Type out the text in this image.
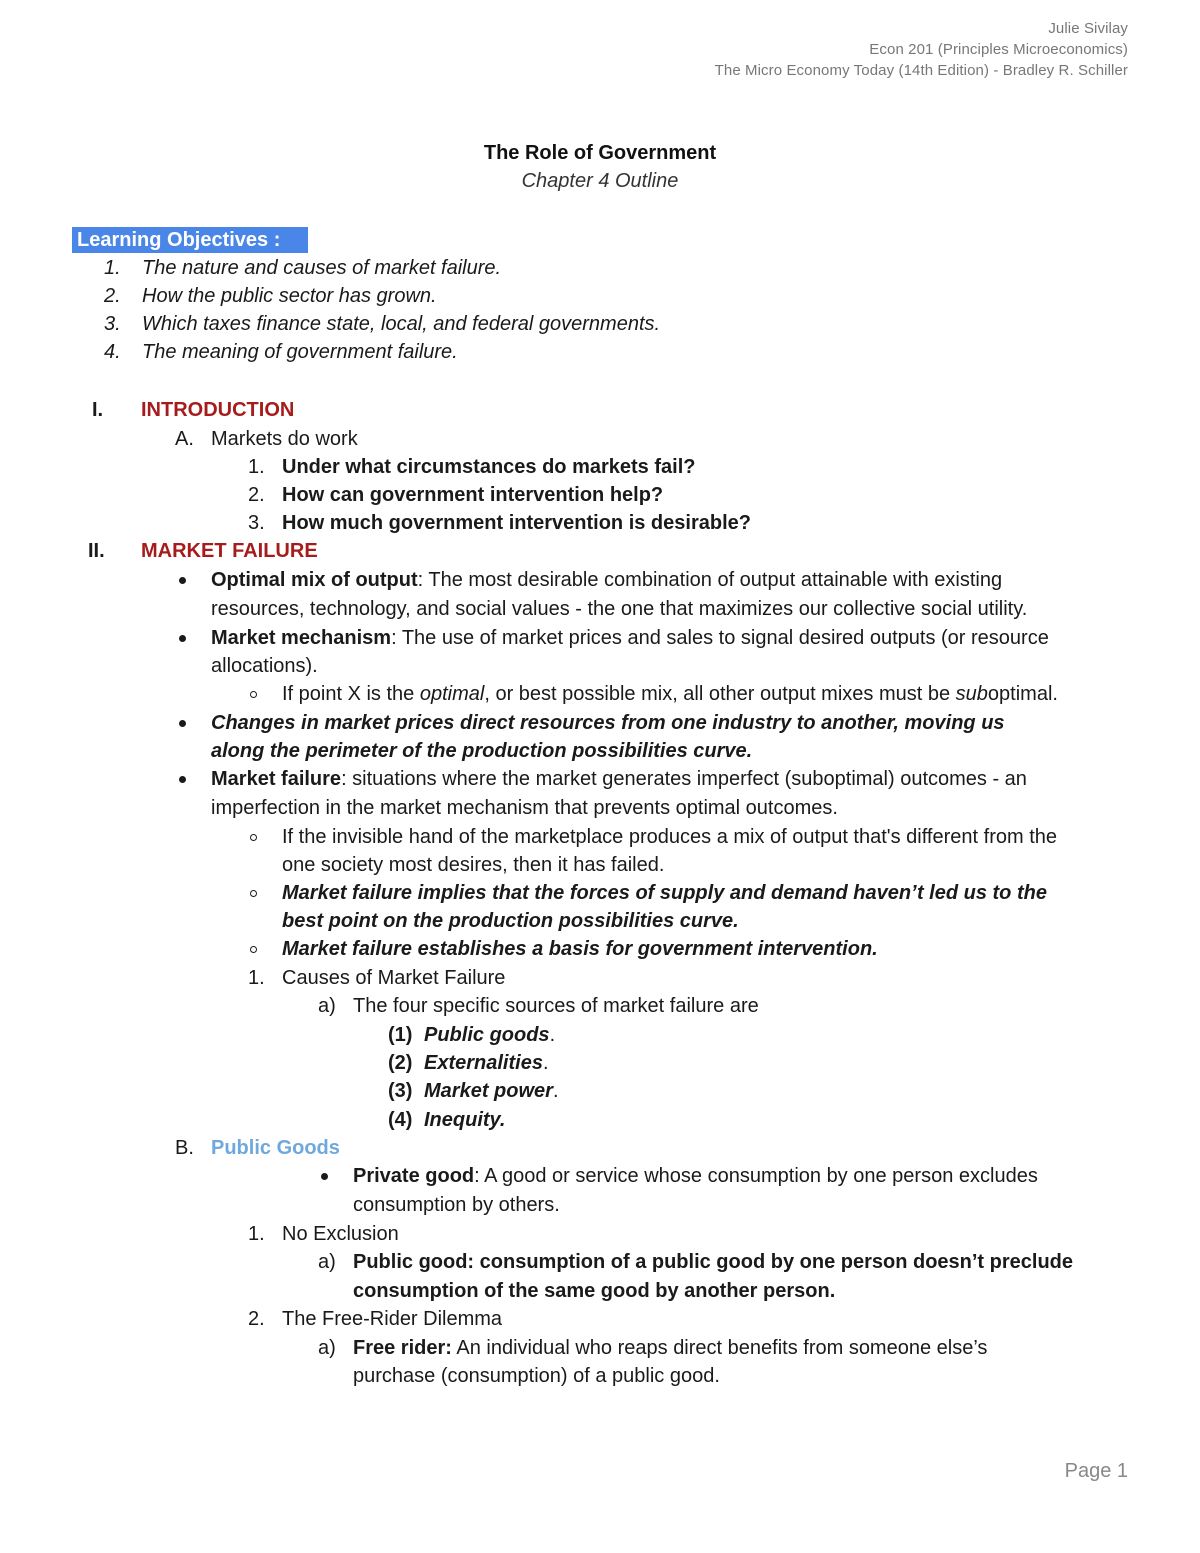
Julie Sivilay
Econ 201 (Principles Microeconomics)
The Micro Economy Today (14th Edition) - Bradley R. Schiller
The Role of Government
Chapter 4 Outline
Learning Objectives :
1. The nature and causes of market failure.
2. How the public sector has grown.
3. Which taxes finance state, local, and federal governments.
4. The meaning of government failure.
I. INTRODUCTION
A. Markets do work
1. Under what circumstances do markets fail?
2. How can government intervention help?
3. How much government intervention is desirable?
II. MARKET FAILURE
Optimal mix of output: The most desirable combination of output attainable with existing
resources, technology, and social values - the one that maximizes our collective social utility.
Market mechanism: The use of market prices and sales to signal desired outputs (or resource
allocations).
If point X is the optimal, or best possible mix, all other output mixes must be suboptimal.
Changes in market prices direct resources from one industry to another, moving us
along the perimeter of the production possibilities curve.
Market failure: situations where the market generates imperfect (suboptimal) outcomes - an
imperfection in the market mechanism that prevents optimal outcomes.
If the invisible hand of the marketplace produces a mix of output that's different from the
one society most desires, then it has failed.
Market failure implies that the forces of supply and demand haven’t led us to the
best point on the production possibilities curve.
Market failure establishes a basis for government intervention.
1. Causes of Market Failure
a) The four specific sources of market failure are
(1) Public goods.
(2) Externalities.
(3) Market power.
(4) Inequity.
B. Public Goods
Private good: A good or service whose consumption by one person excludes
consumption by others.
1. No Exclusion
a) Public good: consumption of a public good by one person doesn’t preclude
consumption of the same good by another person.
2. The Free-Rider Dilemma
a) Free rider: An individual who reaps direct benefits from someone else’s
purchase (consumption) of a public good.
Page 1
